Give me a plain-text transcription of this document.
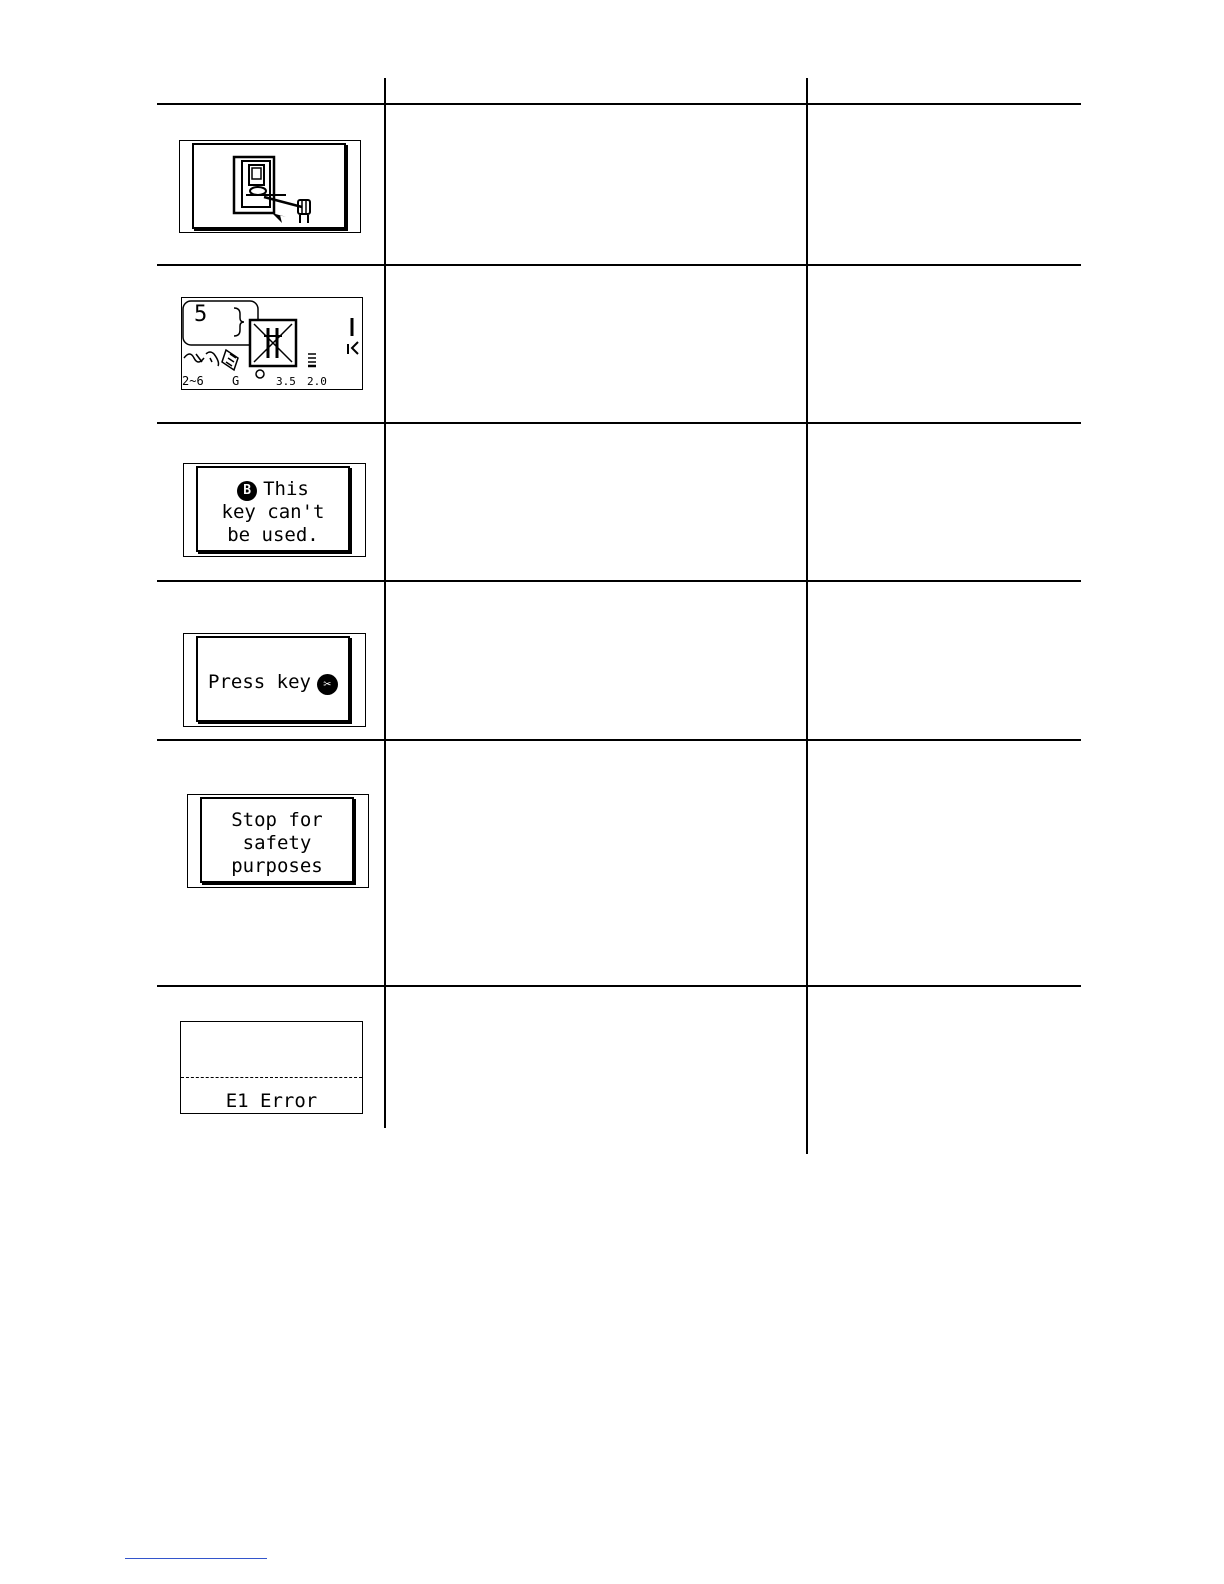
5
2~6 G	3.5 2.0
B This
key can't
be used.
Press key ✂
Stop for
safety
purposes
E1 Error
